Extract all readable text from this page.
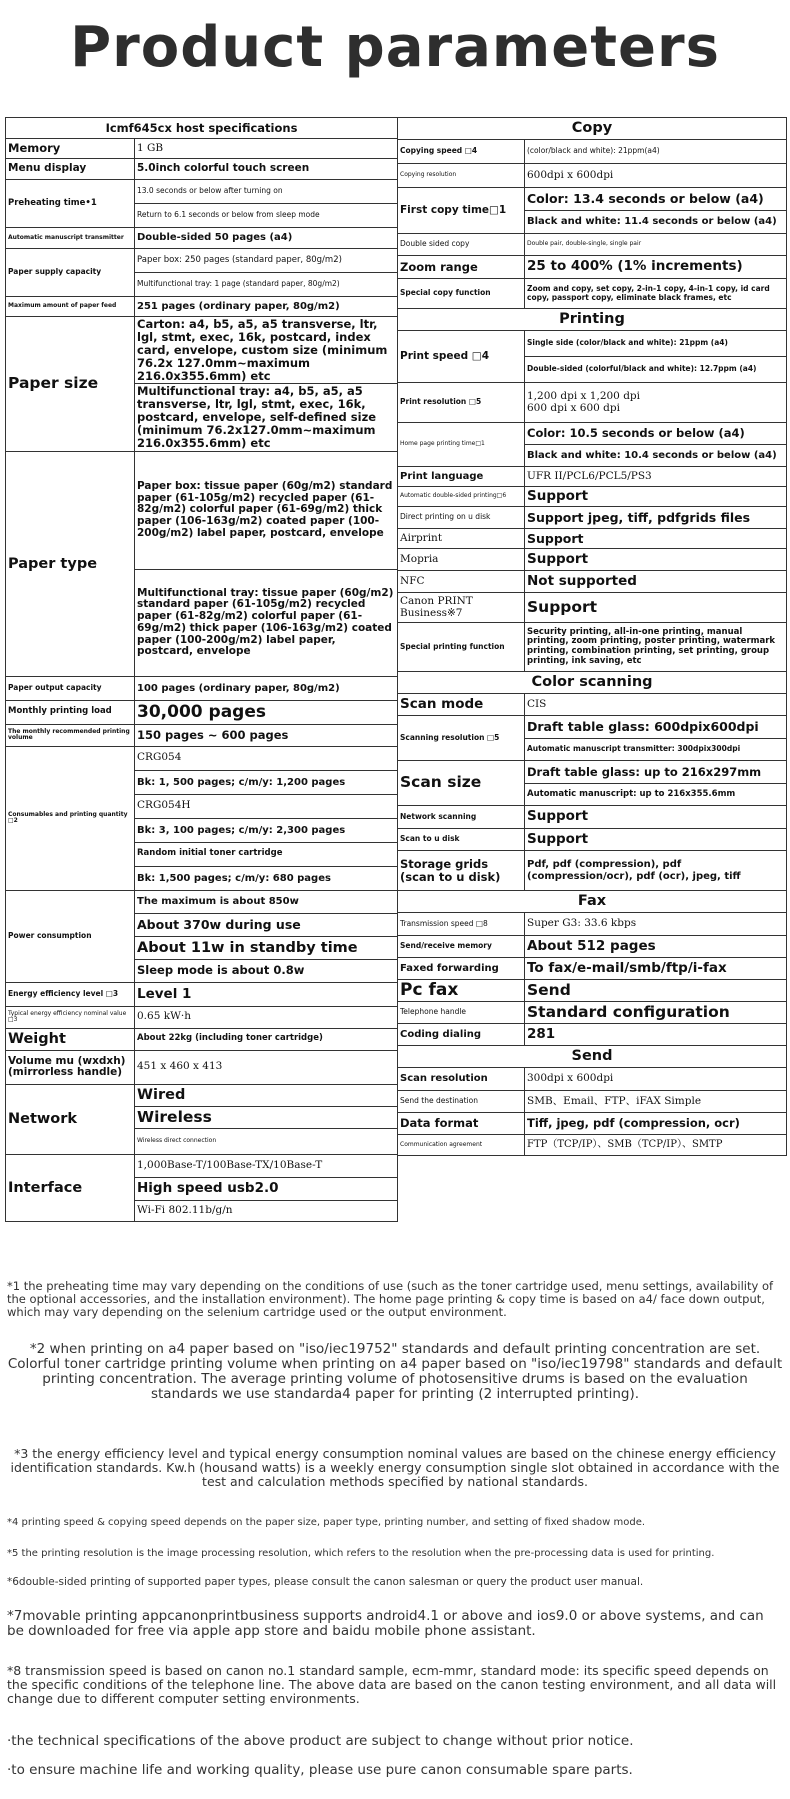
Product parameters
Icmf645cx host specifications	
Memory	1 GB
Menu display	5.0inch colorful touch screen
Preheating time•1	13.0 seconds or below after turning on
	Return to 6.1 seconds or below from sleep mode
Automatic manuscript transmitter	Double-sided 50 pages (a4)
Paper supply capacity	Paper box: 250 pages (standard paper, 80g/m2)
	Multifunctional tray: 1 page (standard paper, 80g/m2)
Maximum amount of paper feed	251 pages (ordinary paper, 80g/m2)
Paper size	Carton: a4, b5, a5, a5 transverse, ltr, lgl, stmt, exec, 16k, postcard, index card, envelope, custom size (minimum 76.2x 127.0mm~maximum 216.0x355.6mm) etc
	Multifunctional tray: a4, b5, a5, a5 transverse, ltr, lgl, stmt, exec, 16k, postcard, envelope, self-defined size (minimum 76.2x127.0mm~maximum 216.0x355.6mm) etc
Paper type	Paper box: tissue paper (60g/m2) standard paper (61-105g/m2) recycled paper (61-82g/m2) colorful paper (61-69g/m2) thick paper (106-163g/m2) coated paper (100-200g/m2) label paper, postcard, envelope
	Multifunctional tray: tissue paper (60g/m2) standard paper (61-105g/m2) recycled paper (61-82g/m2) colorful paper (61-69g/m2) thick paper (106-163g/m2) coated paper (100-200g/m2) label paper, postcard, envelope
Paper output capacity	100 pages (ordinary paper, 80g/m2)
Monthly printing load	30,000 pages
The monthly recommended printing volume	150 pages ~ 600 pages
Consumables and printing quantity □2	CRG054
	Bk: 1, 500 pages; c/m/y: 1,200 pages
	CRG054H
	Bk: 3, 100 pages; c/m/y: 2,300 pages
	Random initial toner cartridge
	Bk: 1,500 pages; c/m/y: 680 pages
Power consumption	The maximum is about 850w
	About 370w during use
	About 11w in standby time
	Sleep mode is about 0.8w
Energy efficiency level □3	Level 1
Typical energy efficiency nominal value □3	0.65 kW·h
Weight	About 22kg (including toner cartridge)
Volume mu (wxdxh) (mirrorless handle)	451 x 460 x 413
Network	Wired
	Wireless
	Wireless direct connection
Interface	1,000Base-T/100Base-TX/10Base-T
	High speed usb2.0
	Wi-Fi 802.11b/g/n
Copy	
Copying speed □4	(color/black and white): 21ppm(a4)
Copying resolution	600dpi x 600dpi
First copy time□1	Color: 13.4 seconds or below (a4)
	Black and white: 11.4 seconds or below (a4)
Double sided copy	Double pair, double-single, single pair
Zoom range	25 to 400% (1% increments)
Special copy function	Zoom and copy, set copy, 2-in-1 copy, 4-in-1 copy, id card copy, passport copy, eliminate black frames, etc
Printing	
Print speed □4	Single side (color/black and white): 21ppm (a4)
	Double-sided (colorful/black and white): 12.7ppm (a4)
Print resolution □5	1,200 dpi x 1,200 dpi
600 dpi x 600 dpi

Home page printing time□1	Color: 10.5 seconds or below (a4)
	Black and white: 10.4 seconds or below (a4)
Print language	UFR II/PCL6/PCL5/PS3
Automatic double-sided printing□6	Support
Direct printing on u disk	Support jpeg, tiff, pdfgrids files
Airprint	Support
Mopria	Support
NFC	Not supported
Canon PRINT Business※7	Support
Special printing function	Security printing, all-in-one printing, manual printing, zoom printing, poster printing, watermark printing, combination printing, set printing, group printing, ink saving, etc
Color scanning	
Scan mode	CIS
Scanning resolution □5	Draft table glass: 600dpix600dpi
	Automatic manuscript transmitter: 300dpix300dpi
Scan size	Draft table glass: up to 216x297mm
	Automatic manuscript: up to 216x355.6mm
Network scanning	Support
Scan to u disk	Support
Storage grids (scan to u disk)	Pdf, pdf (compression), pdf (compression/ocr), pdf (ocr), jpeg, tiff
Fax	
Transmission speed □8	Super G3: 33.6 kbps
Send/receive memory	About 512 pages
Faxed forwarding	To fax/e-mail/smb/ftp/i-fax
Pc fax	Send
Telephone handle	Standard configuration
Coding dialing	281
Send	
Scan resolution	300dpi x 600dpi
Send the destination	SMB、Email、FTP、iFAX Simple
Data format	Tiff, jpeg, pdf (compression, ocr)
Communication agreement	FTP（TCP/IP）、SMB（TCP/IP）、SMTP
*1 the preheating time may vary depending on the conditions of use (such as the toner cartridge used, menu settings, availability of the optional accessories, and the installation environment). The home page printing & copy time is based on a4/ face down output, which may vary depending on the selenium cartridge used or the output environment.
*2 when printing on a4 paper based on "iso/iec19752" standards and default printing concentration are set. Colorful toner cartridge printing volume when printing on a4 paper based on "iso/iec19798" standards and default printing concentration. The average printing volume of photosensitive drums is based on the evaluation standards we use standarda4 paper for printing (2 interrupted printing).
*3 the energy efficiency level and typical energy consumption nominal values are based on the chinese energy efficiency identification standards. Kw.h (housand watts) is a weekly energy consumption single slot obtained in accordance with the test and calculation methods specified by national standards.
*4 printing speed & copying speed depends on the paper size, paper type, printing number, and setting of fixed shadow mode.
*5 the printing resolution is the image processing resolution, which refers to the resolution when the pre-processing data is used for printing.
*6double-sided printing of supported paper types, please consult the canon salesman or query the product user manual.
*7movable printing appcanonprintbusiness supports android4.1 or above and ios9.0 or above systems, and can be downloaded for free via apple app store and baidu mobile phone assistant.
*8 transmission speed is based on canon no.1 standard sample, ecm-mmr, standard mode: its specific speed depends on the specific conditions of the telephone line. The above data are based on the canon testing environment, and all data will change due to different computer setting environments.
·the technical specifications of the above product are subject to change without prior notice.
·to ensure machine life and working quality, please use pure canon consumable spare parts.
